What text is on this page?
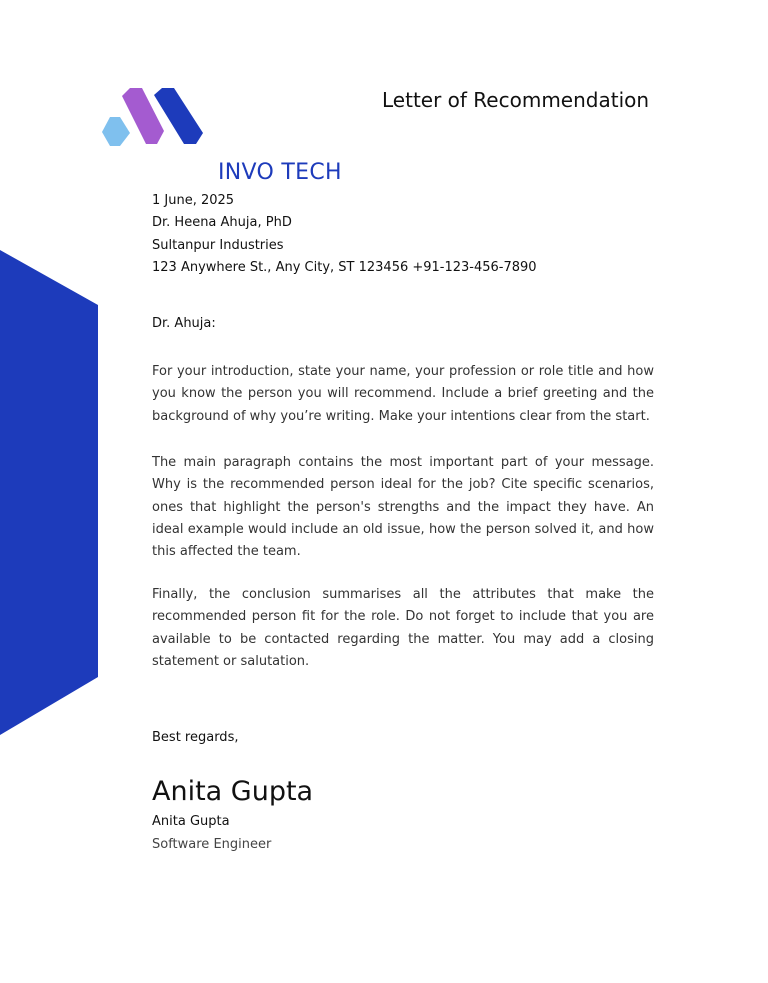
INVO TECH
Letter of Recommendation
1 June, 2025
Dr. Heena Ahuja, PhD
Sultanpur Industries
123 Anywhere St., Any City, ST 123456 +91-123-456-7890
Dr. Ahuja:

For your introduction, state your name, your profession or role title and how you know the person you will recommend. Include a brief greeting and the background of why you’re writing. Make your intentions clear from the start.

The main paragraph contains the most important part of your message. Why is the recommended person ideal for the job? Cite specific scenarios, ones that highlight the person's strengths and the impact they have. An ideal example would include an old issue, how the person solved it, and how this affected the team.

Finally, the conclusion summarises all the attributes that make the recommended person fit for the role. Do not forget to include that you are available to be contacted regarding the matter. You may add a closing statement or salutation.

Best regards,
Anita Gupta
Anita Gupta
Software Engineer
